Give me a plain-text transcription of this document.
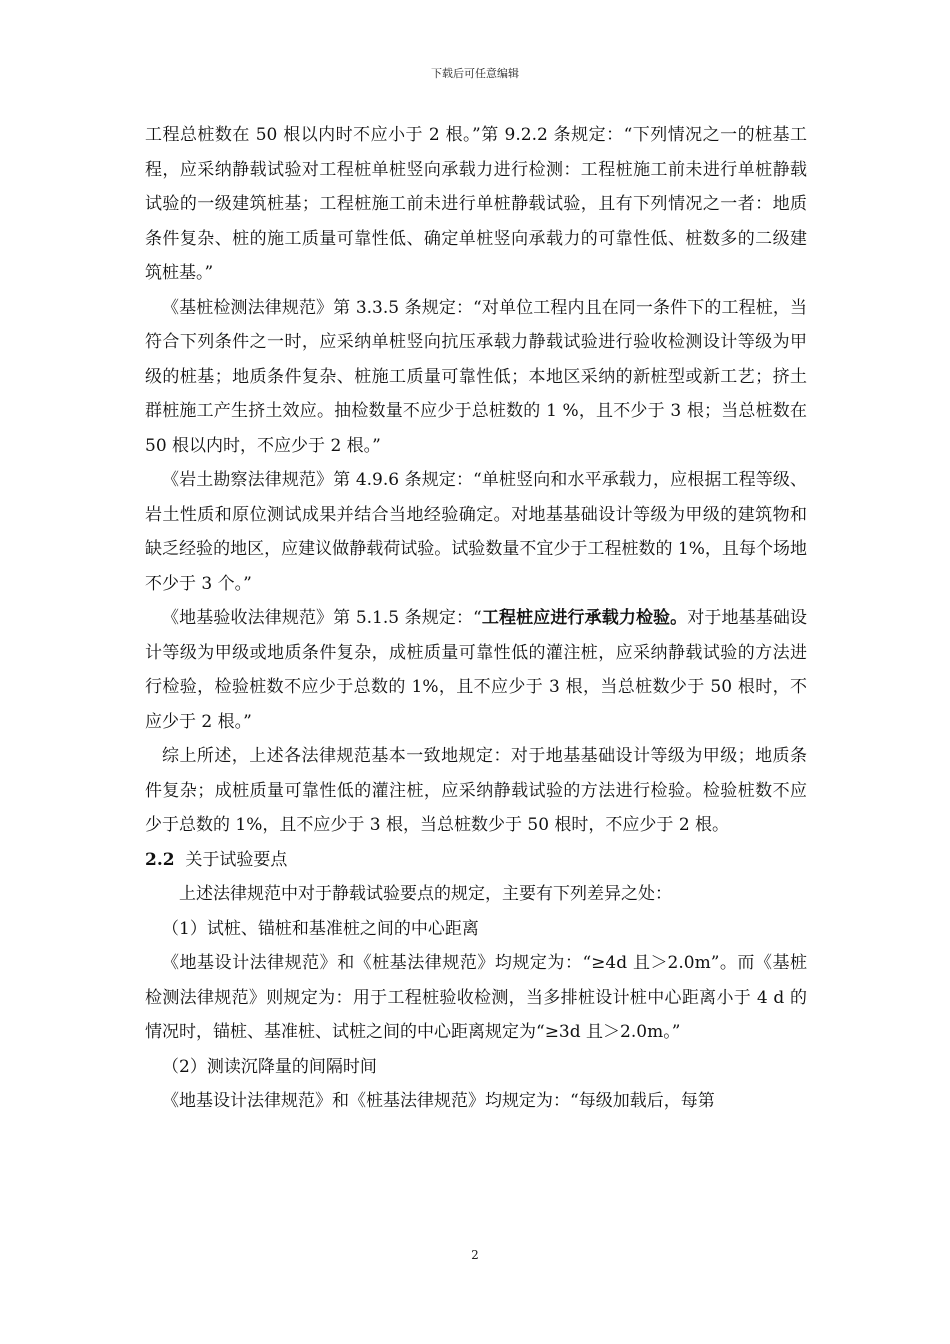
下载后可任意编辑

工程总桩数在 50 根以内时不应小于 2 根。”第 9.2.2 条规定：“下列情况之一的桩基工程，应采纳静载试验对工程桩单桩竖向承载力进行检测：工程桩施工前未进行单桩静载试验的一级建筑桩基；工程桩施工前未进行单桩静载试验，且有下列情况之一者：地质条件复杂、桩的施工质量可靠性低、确定单桩竖向承载力的可靠性低、桩数多的二级建筑桩基。”

《基桩检测法律规范》第 3.3.5 条规定：“对单位工程内且在同一条件下的工程桩，当符合下列条件之一时，应采纳单桩竖向抗压承载力静载试验进行验收检测设计等级为甲级的桩基；地质条件复杂、桩施工质量可靠性低；本地区采纳的新桩型或新工艺；挤土群桩施工产生挤土效应。抽检数量不应少于总桩数的 1 %，且不少于 3 根；当总桩数在 50 根以内时，不应少于 2 根。”

《岩土勘察法律规范》第 4.9.6 条规定：“单桩竖向和水平承载力，应根据工程等级、岩土性质和原位测试成果并结合当地经验确定。对地基基础设计等级为甲级的建筑物和缺乏经验的地区，应建议做静载荷试验。试验数量不宜少于工程桩数的 1%，且每个场地不少于 3 个。”

《地基验收法律规范》第 5.1.5 条规定：“工程桩应进行承载力检验。对于地基基础设计等级为甲级或地质条件复杂，成桩质量可靠性低的灌注桩，应采纳静载试验的方法进行检验，检验桩数不应少于总数的 1%，且不应少于 3 根，当总桩数少于 50 根时，不应少于 2 根。”

综上所述，上述各法律规范基本一致地规定：对于地基基础设计等级为甲级；地质条件复杂；成桩质量可靠性低的灌注桩，应采纳静载试验的方法进行检验。检验桩数不应少于总数的 1%，且不应少于 3 根，当总桩数少于 50 根时，不应少于 2 根。

2.2 关于试验要点

上述法律规范中对于静载试验要点的规定，主要有下列差异之处：

（1）试桩、锚桩和基准桩之间的中心距离

《地基设计法律规范》和《桩基法律规范》均规定为：“≥4d 且＞2.0m”。而《基桩检测法律规范》则规定为：用于工程桩验收检测，当多排桩设计桩中心距离小于 4 d 的情况时，锚桩、基准桩、试桩之间的中心距离规定为“≥3d 且＞2.0m。”

（2）测读沉降量的间隔时间

《地基设计法律规范》和《桩基法律规范》均规定为：“每级加载后，每第

2
